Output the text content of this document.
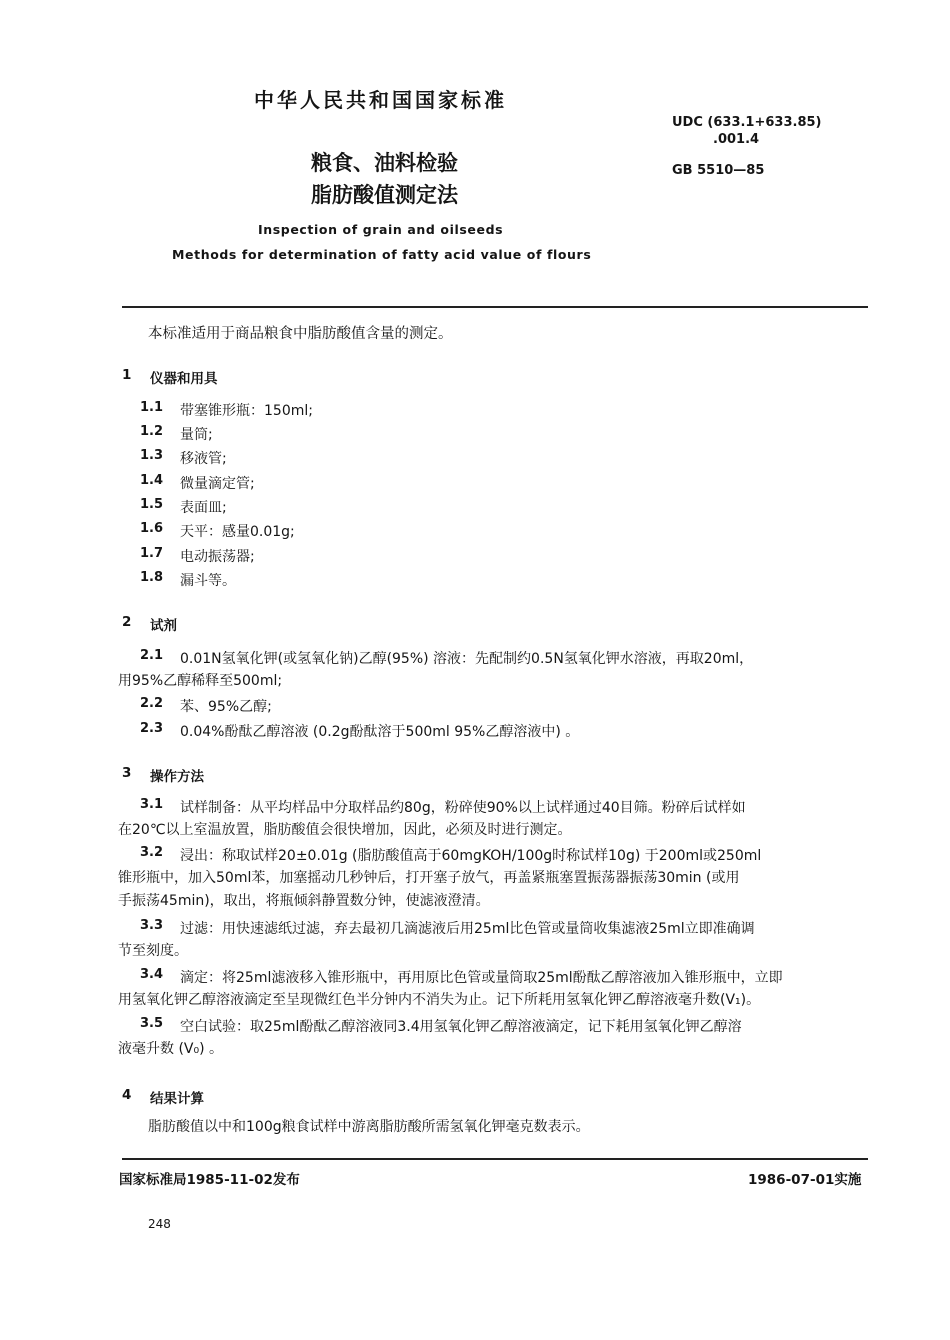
中华人民共和国国家标准
粮食、油料检验
脂肪酸值测定法
Inspection of grain and oilseeds
Methods for determination of fatty acid value of flours
UDC (633.1+633.85)
.001.4
GB 5510—85
本标准适用于商品粮食中脂肪酸值含量的测定。
1 仪器和用具
1.1	带塞锥形瓶：150ml;
1.2	量筒;
1.3	移液管;
1.4	微量滴定管;
1.5	表面皿;
1.6	天平：感量0.01g;
1.7	电动振荡器;
1.8	漏斗等。
2 试剂
2.1	0.01N氢氧化钾(或氢氧化钠)乙醇(95%) 溶液：先配制约0.5N氢氧化钾水溶液，再取20ml，
用95%乙醇稀释至500ml;
2.2	苯、95%乙醇;
2.3	0.04%酚酞乙醇溶液 (0.2g酚酞溶于500ml 95%乙醇溶液中) 。
3 操作方法
3.1	试样制备：从平均样品中分取样品约80g，粉碎使90%以上试样通过40目筛。粉碎后试样如
在20℃以上室温放置，脂肪酸值会很快增加，因此，必须及时进行测定。
3.2	浸出：称取试样20±0.01g (脂肪酸值高于60mgKOH/100g时称试样10g) 于200ml或250ml
锥形瓶中，加入50ml苯，加塞摇动几秒钟后，打开塞子放气，再盖紧瓶塞置振荡器振荡30min (或用
手振荡45min)，取出，将瓶倾斜静置数分钟，使滤液澄清。
3.3	过滤：用快速滤纸过滤，弃去最初几滴滤液后用25ml比色管或量筒收集滤液25ml立即准确调
节至刻度。
3.4	滴定：将25ml滤液移入锥形瓶中，再用原比色管或量筒取25ml酚酞乙醇溶液加入锥形瓶中，立即
用氢氧化钾乙醇溶液滴定至呈现微红色半分钟内不消失为止。记下所耗用氢氧化钾乙醇溶液毫升数(V₁)。
3.5	空白试验：取25ml酚酞乙醇溶液同3.4用氢氧化钾乙醇溶液滴定，记下耗用氢氧化钾乙醇溶
液毫升数 (V₀) 。
4 结果计算
脂肪酸值以中和100g粮食试样中游离脂肪酸所需氢氧化钾毫克数表示。
国家标准局1985-11-02发布	1986-07-01实施
248
